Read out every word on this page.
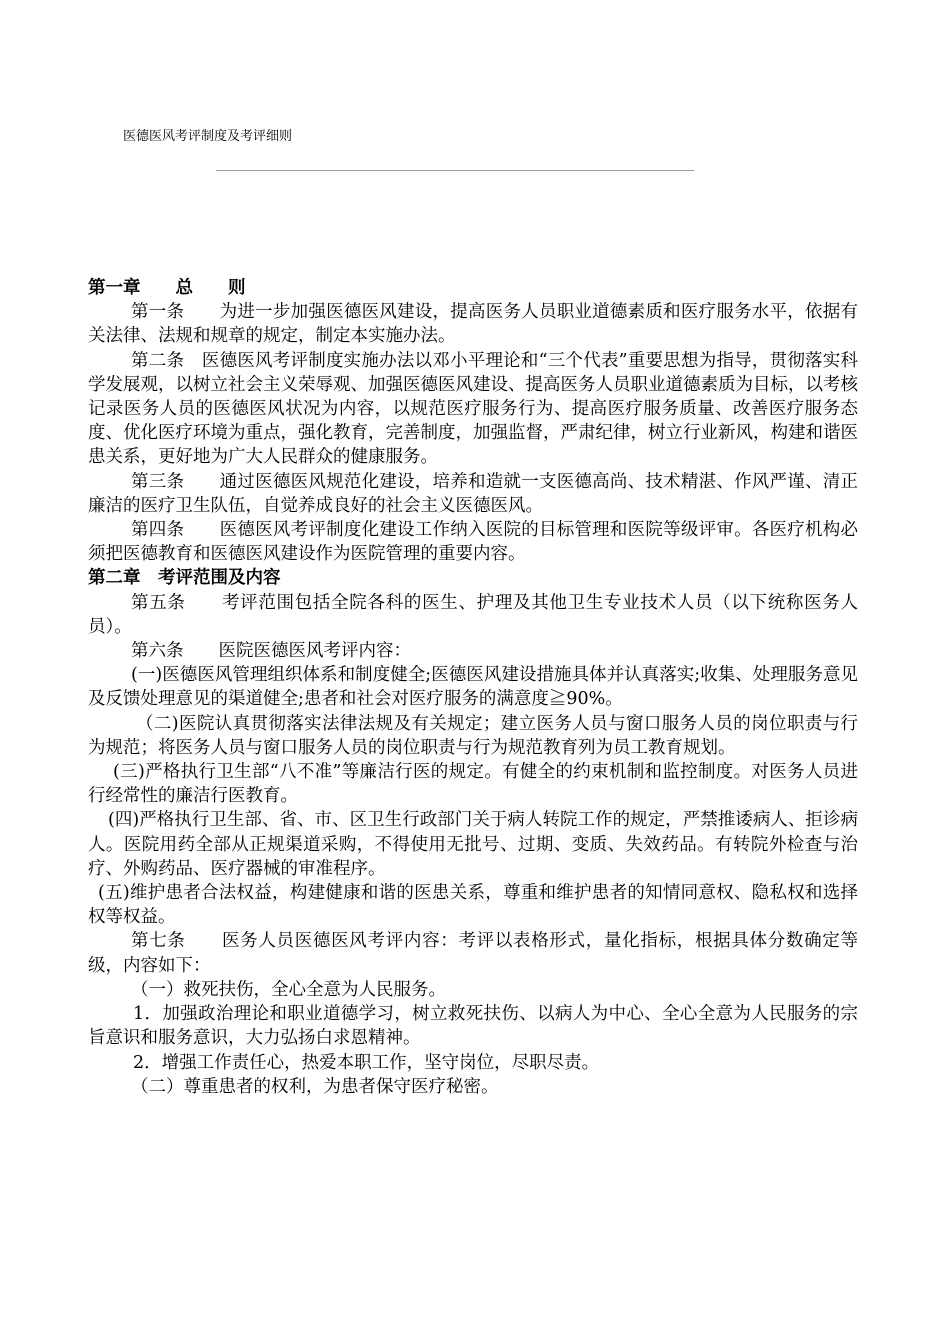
医德医风考评制度及考评细则

第一章　　总　　则

第一条　　为进一步加强医德医风建设，提高医务人员职业道德素质和医疗服务水平，依据有关法律、法规和规章的规定，制定本实施办法。

第二条　医德医风考评制度实施办法以邓小平理论和“三个代表”重要思想为指导，贯彻落实科学发展观，以树立社会主义荣辱观、加强医德医风建设、提高医务人员职业道德素质为目标，以考核记录医务人员的医德医风状况为内容，以规范医疗服务行为、提高医疗服务质量、改善医疗服务态度、优化医疗环境为重点，强化教育，完善制度，加强监督，严肃纪律，树立行业新风，构建和谐医患关系，更好地为广大人民群众的健康服务。

第三条　　通过医德医风规范化建设，培养和造就一支医德高尚、技术精湛、作风严谨、清正廉洁的医疗卫生队伍，自觉养成良好的社会主义医德医风。

第四条　　医德医风考评制度化建设工作纳入医院的目标管理和医院等级评审。各医疗机构必须把医德教育和医德医风建设作为医院管理的重要内容。

第二章　考评范围及内容

第五条　　考评范围包括全院各科的医生、护理及其他卫生专业技术人员（以下统称医务人员）。

第六条　　医院医德医风考评内容：

(一)医德医风管理组织体系和制度健全;医德医风建设措施具体并认真落实;收集、处理服务意见及反馈处理意见的渠道健全;患者和社会对医疗服务的满意度≧90%。

（二)医院认真贯彻落实法律法规及有关规定；建立医务人员与窗口服务人员的岗位职责与行为规范；将医务人员与窗口服务人员的岗位职责与行为规范教育列为员工教育规划。

(三)严格执行卫生部“八不准”等廉洁行医的规定。有健全的约束机制和监控制度。对医务人员进行经常性的廉洁行医教育。

(四)严格执行卫生部、省、市、区卫生行政部门关于病人转院工作的规定，严禁推诿病人、拒诊病人。医院用药全部从正规渠道采购，不得使用无批号、过期、变质、失效药品。有转院外检查与治疗、外购药品、医疗器械的审准程序。

(五)维护患者合法权益，构建健康和谐的医患关系，尊重和维护患者的知情同意权、隐私权和选择权等权益。

第七条　　医务人员医德医风考评内容：考评以表格形式，量化指标，根据具体分数确定等级，内容如下：

（一）救死扶伤，全心全意为人民服务。

1．加强政治理论和职业道德学习，树立救死扶伤、以病人为中心、全心全意为人民服务的宗旨意识和服务意识，大力弘扬白求恩精神。

2．增强工作责任心，热爱本职工作，坚守岗位，尽职尽责。

（二）尊重患者的权利，为患者保守医疗秘密。
